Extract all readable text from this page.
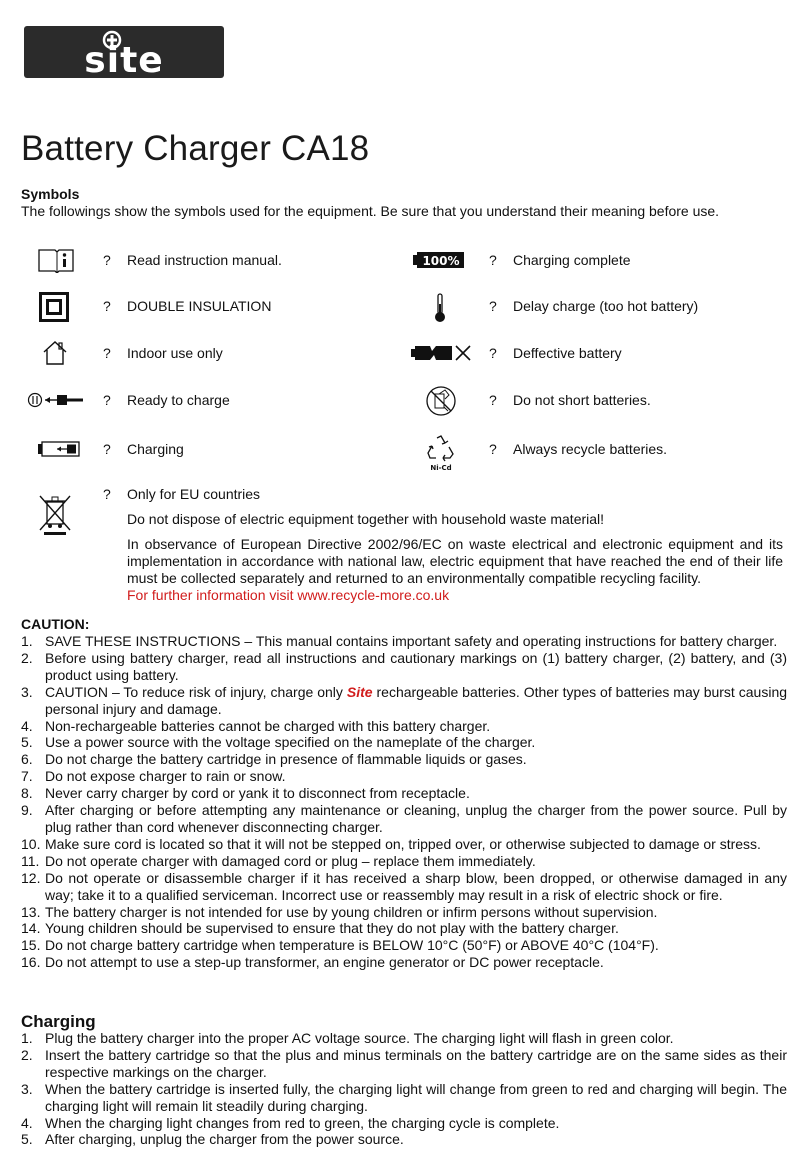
site
Battery Charger CA18
Symbols

The followings show the symbols used for the equipment. Be sure that you understand their meaning before use.

? Read instruction manual.
? DOUBLE INSULATION
? Indoor use only
? Ready to charge
? Charging
100% ? Charging complete
? Delay charge (too hot battery)
? Deffective battery
? Do not short batteries.
Ni-Cd
? Always recycle batteries.
? Only for EU countries

Do not dispose of electric equipment together with household waste material!

In observance of European Directive 2002/96/EC on waste electrical and electronic equipment and its implementation in accordance with national law, electric equipment that have reached the end of their life must be collected separately and returned to an environmentally compatible recycling facility.

For further information visit www.recycle-more.co.uk

CAUTION:
1. SAVE THESE INSTRUCTIONS – This manual contains important safety and operating instructions for battery charger.
2. Before using battery charger, read all instructions and cautionary markings on (1) battery charger, (2) battery, and (3) product using battery.
3. CAUTION – To reduce risk of injury, charge only Site rechargeable batteries. Other types of batteries may burst causing personal injury and damage.
4. Non-rechargeable batteries cannot be charged with this battery charger.
5. Use a power source with the voltage specified on the nameplate of the charger.
6. Do not charge the battery cartridge in presence of flammable liquids or gases.
7. Do not expose charger to rain or snow.
8. Never carry charger by cord or yank it to disconnect from receptacle.
9. After charging or before attempting any maintenance or cleaning, unplug the charger from the power source. Pull by plug rather than cord whenever disconnecting charger.
10. Make sure cord is located so that it will not be stepped on, tripped over, or otherwise subjected to damage or stress.
11. Do not operate charger with damaged cord or plug – replace them immediately.
12. Do not operate or disassemble charger if it has received a sharp blow, been dropped, or otherwise damaged in any way; take it to a qualified serviceman. Incorrect use or reassembly may result in a risk of electric shock or fire.
13. The battery charger is not intended for use by young children or infirm persons without supervision.
14. Young children should be supervised to ensure that they do not play with the battery charger.
15. Do not charge battery cartridge when temperature is BELOW 10°C (50°F) or ABOVE 40°C (104°F).
16. Do not attempt to use a step-up transformer, an engine generator or DC power receptacle.
Charging
1. Plug the battery charger into the proper AC voltage source. The charging light will flash in green color.
2. Insert the battery cartridge so that the plus and minus terminals on the battery cartridge are on the same sides as their respective markings on the charger.
3. When the battery cartridge is inserted fully, the charging light will change from green to red and charging will begin. The charging light will remain lit steadily during charging.
4. When the charging light changes from red to green, the charging cycle is complete.
5. After charging, unplug the charger from the power source.
